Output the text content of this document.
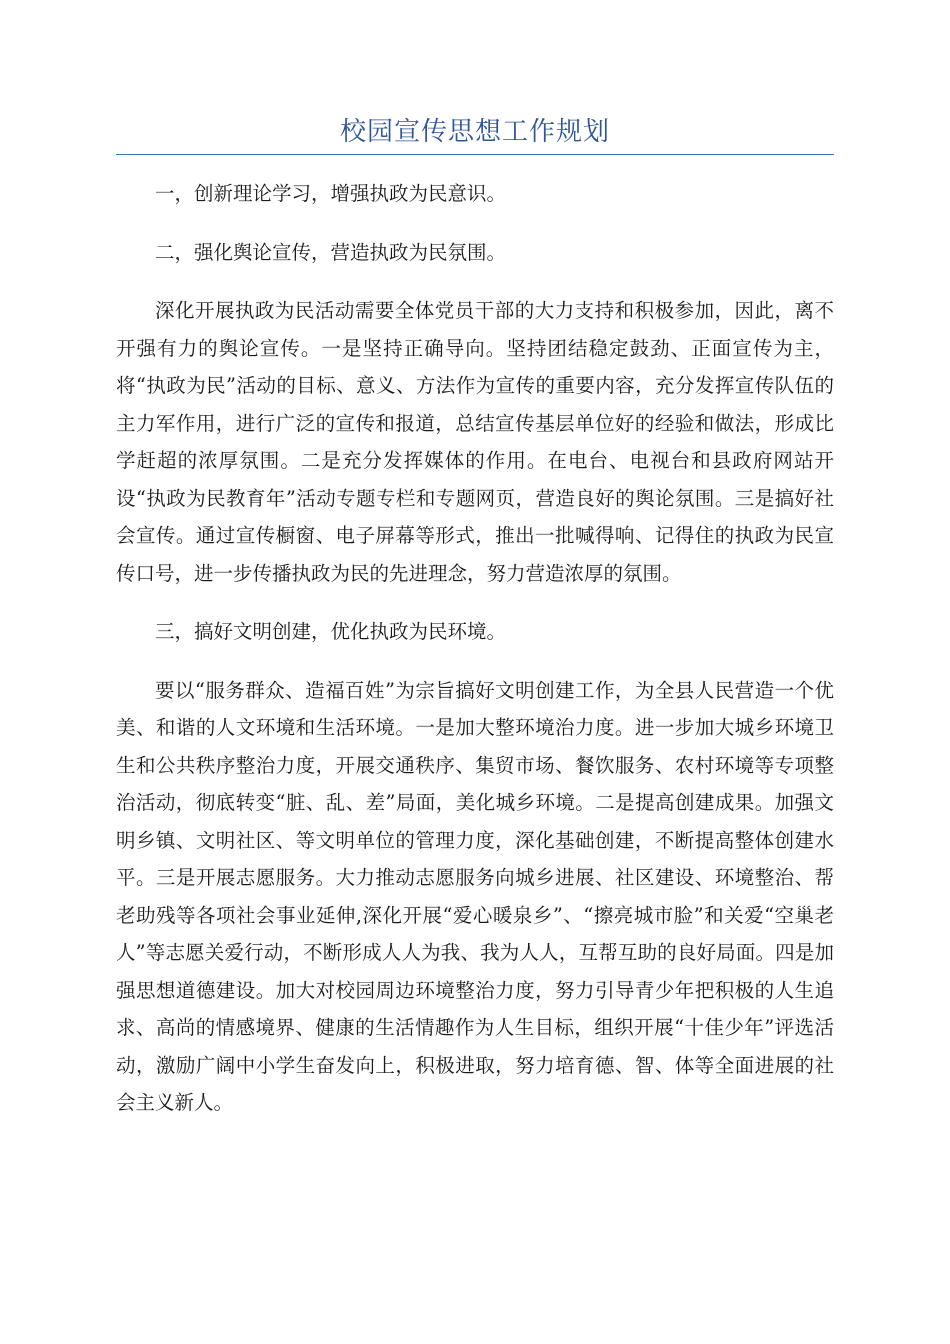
校园宣传思想工作规划

一，创新理论学习，增强执政为民意识。

二，强化舆论宣传，营造执政为民氛围。

深化开展执政为民活动需要全体党员干部的大力支持和积极参加，因此，离不开强有力的舆论宣传。一是坚持正确导向。坚持团结稳定鼓劲、正面宣传为主，将“执政为民”活动的目标、意义、方法作为宣传的重要内容，充分发挥宣传队伍的主力军作用，进行广泛的宣传和报道，总结宣传基层单位好的经验和做法，形成比学赶超的浓厚氛围。二是充分发挥媒体的作用。在电台、电视台和县政府网站开设“执政为民教育年”活动专题专栏和专题网页，营造良好的舆论氛围。三是搞好社会宣传。通过宣传橱窗、电子屏幕等形式，推出一批喊得响、记得住的执政为民宣传口号，进一步传播执政为民的先进理念，努力营造浓厚的氛围。

三，搞好文明创建，优化执政为民环境。

要以“服务群众、造福百姓”为宗旨搞好文明创建工作，为全县人民营造一个优美、和谐的人文环境和生活环境。一是加大整环境治力度。进一步加大城乡环境卫生和公共秩序整治力度，开展交通秩序、集贸市场、餐饮服务、农村环境等专项整治活动，彻底转变“脏、乱、差”局面，美化城乡环境。二是提高创建成果。加强文明乡镇、文明社区、等文明单位的管理力度，深化基础创建，不断提高整体创建水平。三是开展志愿服务。大力推动志愿服务向城乡进展、社区建设、环境整治、帮老助残等各项社会事业延伸,深化开展“爱心暖泉乡”、“擦亮城市脸”和关爱“空巢老人”等志愿关爱行动，不断形成人人为我、我为人人，互帮互助的良好局面。四是加强思想道德建设。加大对校园周边环境整治力度，努力引导青少年把积极的人生追求、高尚的情感境界、健康的生活情趣作为人生目标，组织开展“十佳少年”评选活动，激励广阔中小学生奋发向上，积极进取，努力培育德、智、体等全面进展的社会主义新人。
